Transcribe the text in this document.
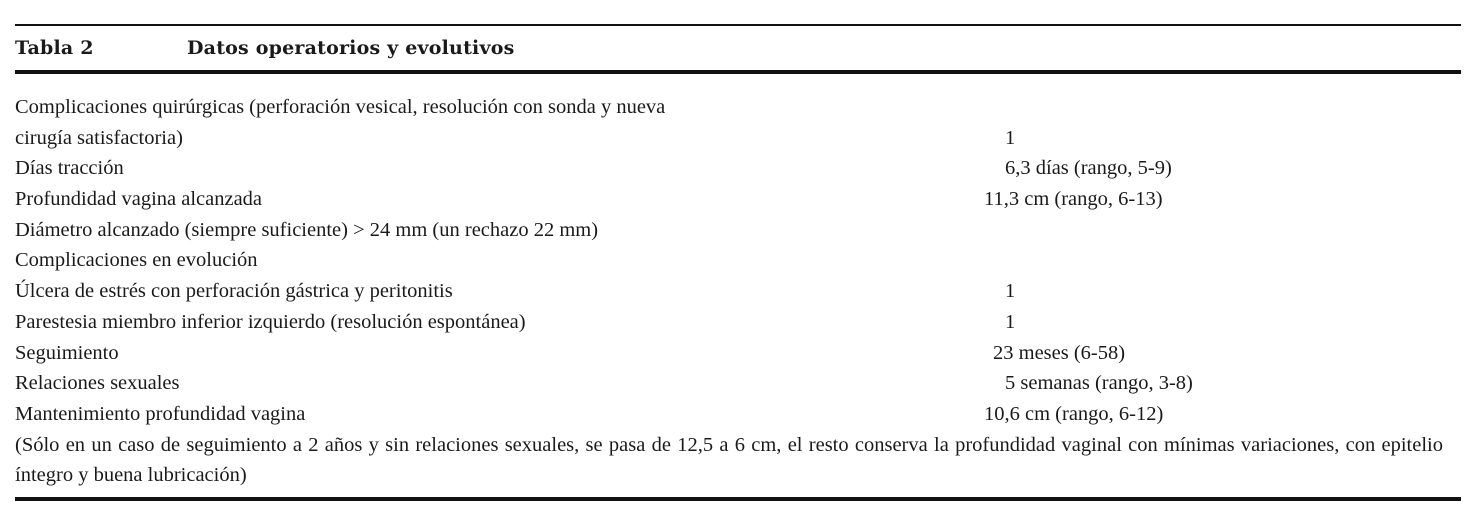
Tabla 2	Datos operatorios y evolutivos
Complicaciones quirúrgicas (perforación vesical, resolución con sonda y nueva
cirugía satisfactoria)	1
Días tracción	6,3 días (rango, 5-9)
Profundidad vagina alcanzada	11,3 cm (rango, 6-13)
Diámetro alcanzado (siempre suficiente) > 24 mm (un rechazo 22 mm)
Complicaciones en evolución
Úlcera de estrés con perforación gástrica y peritonitis	1
Parestesia miembro inferior izquierdo (resolución espontánea)	1
Seguimiento	23 meses (6-58)
Relaciones sexuales	5 semanas (rango, 3-8)
Mantenimiento profundidad vagina	10,6 cm (rango, 6-12)
(Sólo en un caso de seguimiento a 2 años y sin relaciones sexuales, se pasa de 12,5 a 6 cm, el resto conserva la profundidad vaginal con mínimas variaciones, con epitelio íntegro y buena lubricación)
